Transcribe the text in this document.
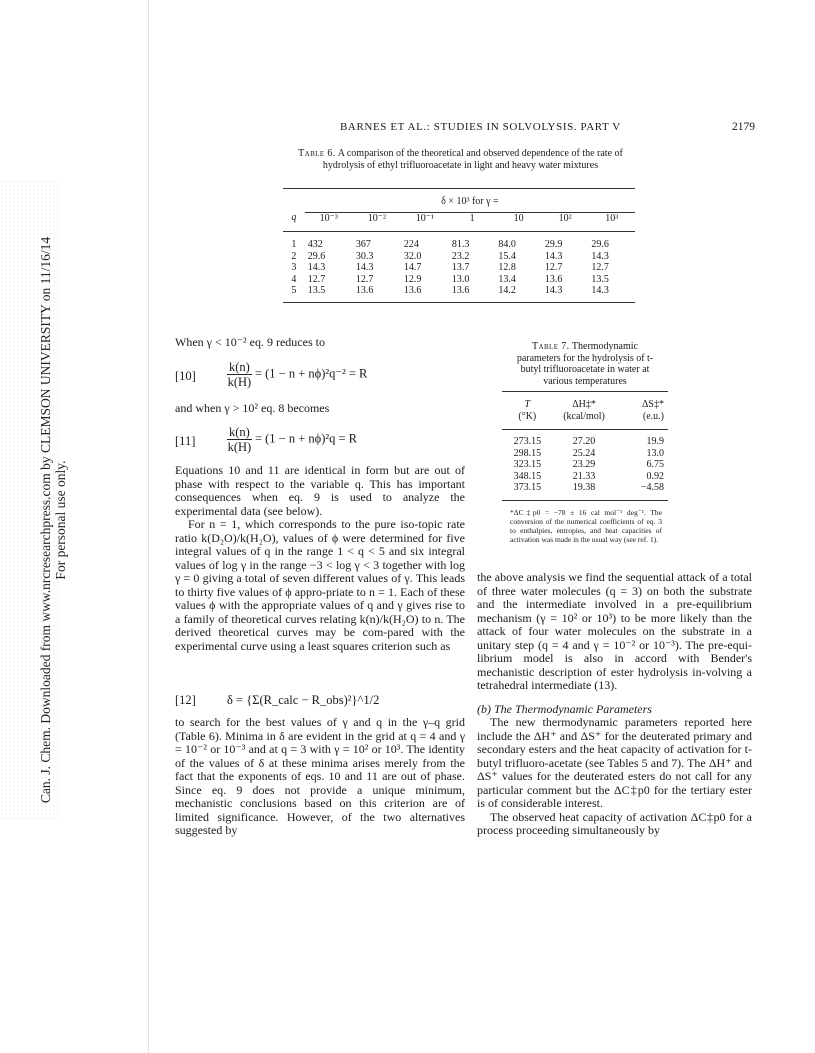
Can. J. Chem. Downloaded from www.nrcresearchpress.com by CLEMSON UNIVERSITY on 11/16/14 For personal use only.
BARNES ET AL.: STUDIES IN SOLVOLYSIS. PART V	2179
Table 6. A comparison of the theoretical and observed dependence of the rate of hydrolysis of ethyl trifluoroacetate in light and heavy water mixtures

	δ × 10³ for γ =						
q	10⁻³	10⁻²	10⁻¹	1	10	10²	10³
1	432	367	224	81.3	84.0	29.9	29.6
2	29.6	30.3	32.0	23.2	15.4	14.3	14.3
3	14.3	14.3	14.7	13.7	12.8	12.7	12.7
4	12.7	12.7	12.9	13.0	13.4	13.6	13.5
5	13.5	13.6	13.6	13.6	14.2	14.3	14.3
When γ < 10⁻² eq. 9 reduces to
$[10] \frac{k(n)}{k(H)} = (1 - n + n\phi)^2q^{-2} = R$
and when γ > 10² eq. 8 becomes
[11]	$\frac{k(n)}{k(H)} = (1 - n + n\phi)^2q = R$

Equations 10 and 11 are identical in form but are out of phase with respect to the variable q. This has important consequences when eq. 9 is used to analyze the experimental data (see below).

For n = 1, which corresponds to the pure iso-topic rate ratio k(D₂O)/k(H₂O), values of ϕ were determined for five integral values of q in the range 1 < q < 5 and six integral values of log γ in the range −3 < log γ < 3 together with log γ = 0 giving a total of seven different values of γ. This leads to thirty five values of ϕ appro-priate to n = 1. Each of these values ϕ with the appropriate values of q and γ gives rise to a family of theoretical curves relating k(n)/k(H₂O) to n. The derived theoretical curves may be com-pared with the experimental curve using a least squares criterion such as

[12] δ = {Σ(R_calc − R_obs)²}^1/2

to search for the best values of γ and q in the γ–q grid (Table 6). Minima in δ are evident in the grid at q = 4 and γ = 10⁻² or 10⁻³ and at q = 3 with γ = 10² or 10³. The identity of the values of δ at these minima arises merely from the fact that the exponents of eqs. 10 and 11 are out of phase. Since eq. 9 does not provide a unique minimum, mechanistic conclusions based on this criterion are of limited significance. However, of the two alternatives suggested by

Table 7. Thermodynamic parameters for the hydrolysis of t-butyl trifluoroacetate in water at various temperatures

T	ΔH‡*	ΔS‡*
(°K)	(kcal/mol)	(e.u.)
273.15	27.20	19.9
298.15	25.24	13.0
323.15	23.29	6.75
348.15	21.33	0.92
373.15	19.38	−4.58
*ΔC‡p0 = −78 ± 16 cal mol⁻¹ deg⁻¹. The conversion of the numerical coefficients of eq. 3 to enthalpies, entropies, and heat capacities of activation was made in the usual way (see ref. 1).

the above analysis we find the sequential attack of a total of three water molecules (q = 3) on both the substrate and the intermediate involved in a pre-equilibrium mechanism (γ = 10² or 10³) to be more likely than the attack of four water molecules on the substrate in a unitary step (q = 4 and γ = 10⁻² or 10⁻³). The pre-equi-librium model is also in accord with Bender's mechanistic description of ester hydrolysis in-volving a tetrahedral intermediate (13).

(b) The Thermodynamic Parameters

The new thermodynamic parameters reported here include the ΔH⁺ and ΔS⁺ for the deuterated primary and secondary esters and the heat capacity of activation for t-butyl trifluoro-acetate (see Tables 5 and 7). The ΔH⁺ and ΔS⁺ values for the deuterated esters do not call for any particular comment but the ΔC‡p0 for the tertiary ester is of considerable interest.

The observed heat capacity of activation ΔC‡p0 for a process proceeding simultaneously by
